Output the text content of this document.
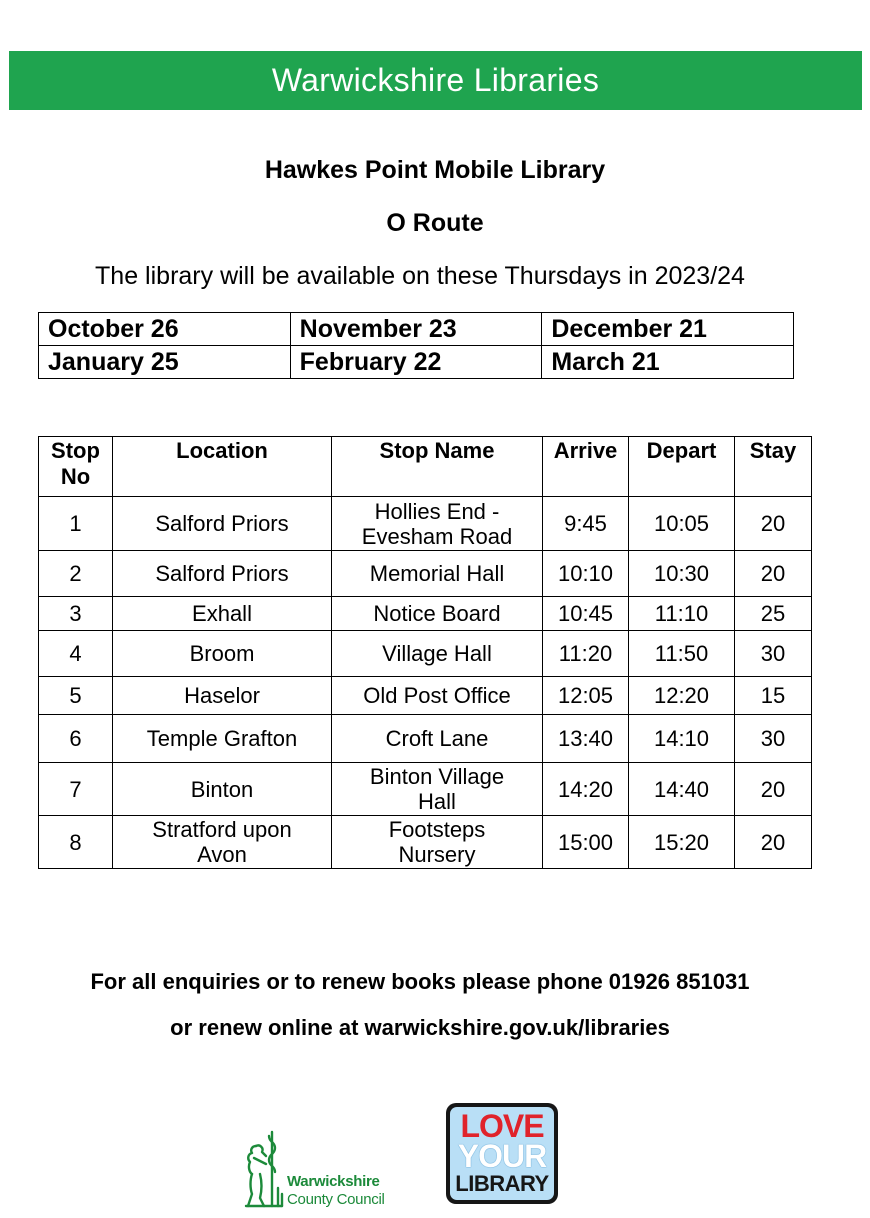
Warwickshire Libraries
Hawkes Point Mobile Library
O Route
The library will be available on these Thursdays in 2023/24
October 26	November 23	December 21
January 25	February 22	March 21
Stop No	Location	Stop Name	Arrive	Depart	Stay
1	Salford Priors	Hollies End - Evesham Road	9:45	10:05	20
2	Salford Priors	Memorial Hall	10:10	10:30	20
3	Exhall	Notice Board	10:45	11:10	25
4	Broom	Village Hall	11:20	11:50	30
5	Haselor	Old Post Office	12:05	12:20	15
6	Temple Grafton	Croft Lane	13:40	14:10	30
7	Binton	Binton Village Hall	14:20	14:40	20
8	Stratford upon Avon	Footsteps Nursery	15:00	15:20	20
For all enquiries or to renew books please phone 01926 851031
or renew online at warwickshire.gov.uk/libraries
Warwickshire
County Council
LOVE
YOUR
LIBRARY
